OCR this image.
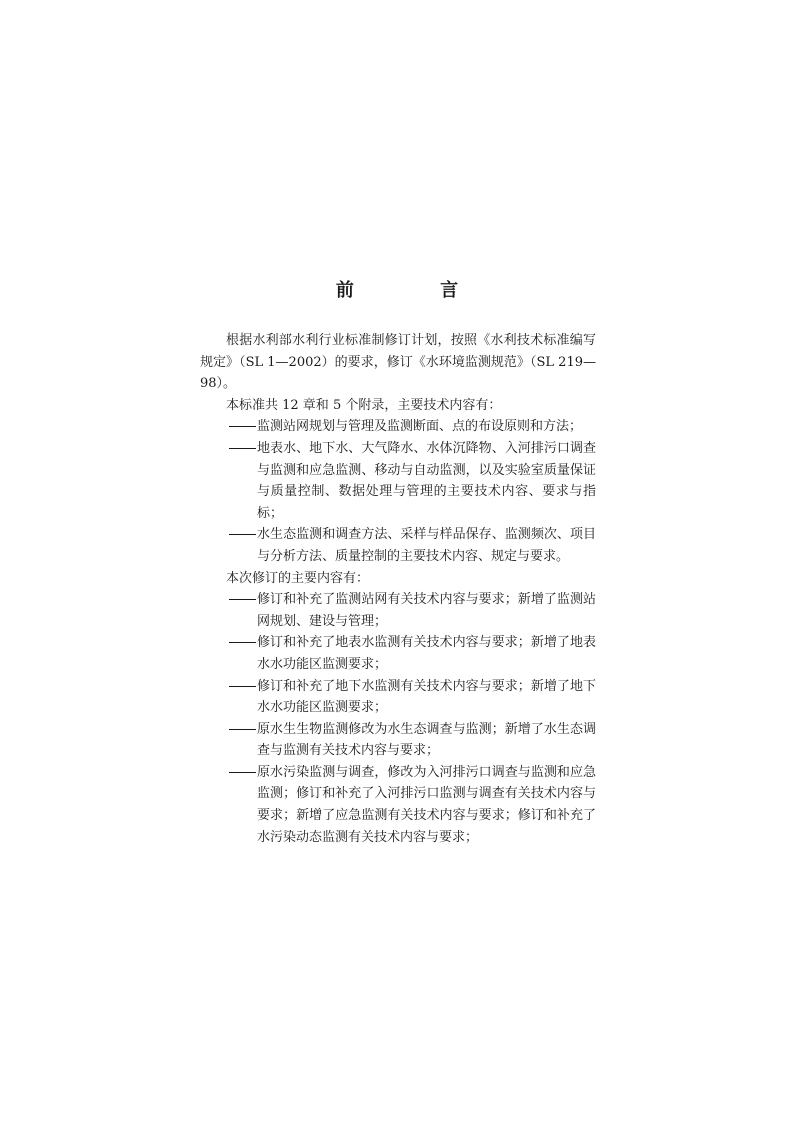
前 言

根据水利部水利行业标准制修订计划，按照《水利技术标准编写规定》（SL 1—2002）的要求，修订《水环境监测规范》（SL 219—98）。

本标准共 12 章和 5 个附录，主要技术内容有：

监测站网规划与管理及监测断面、点的布设原则和方法；
地表水、地下水、大气降水、水体沉降物、入河排污口调查与监测和应急监测、移动与自动监测，以及实验室质量保证与质量控制、数据处理与管理的主要技术内容、要求与指标；
水生态监测和调查方法、采样与样品保存、监测频次、项目与分析方法、质量控制的主要技术内容、规定与要求。

本次修订的主要内容有：

修订和补充了监测站网有关技术内容与要求；新增了监测站网规划、建设与管理；
修订和补充了地表水监测有关技术内容与要求；新增了地表水水功能区监测要求；
修订和补充了地下水监测有关技术内容与要求；新增了地下水水功能区监测要求；
原水生生物监测修改为水生态调查与监测；新增了水生态调查与监测有关技术内容与要求；
原水污染监测与调查，修改为入河排污口调查与监测和应急监测；修订和补充了入河排污口监测与调查有关技术内容与要求；新增了应急监测有关技术内容与要求；修订和补充了水污染动态监测有关技术内容与要求；
